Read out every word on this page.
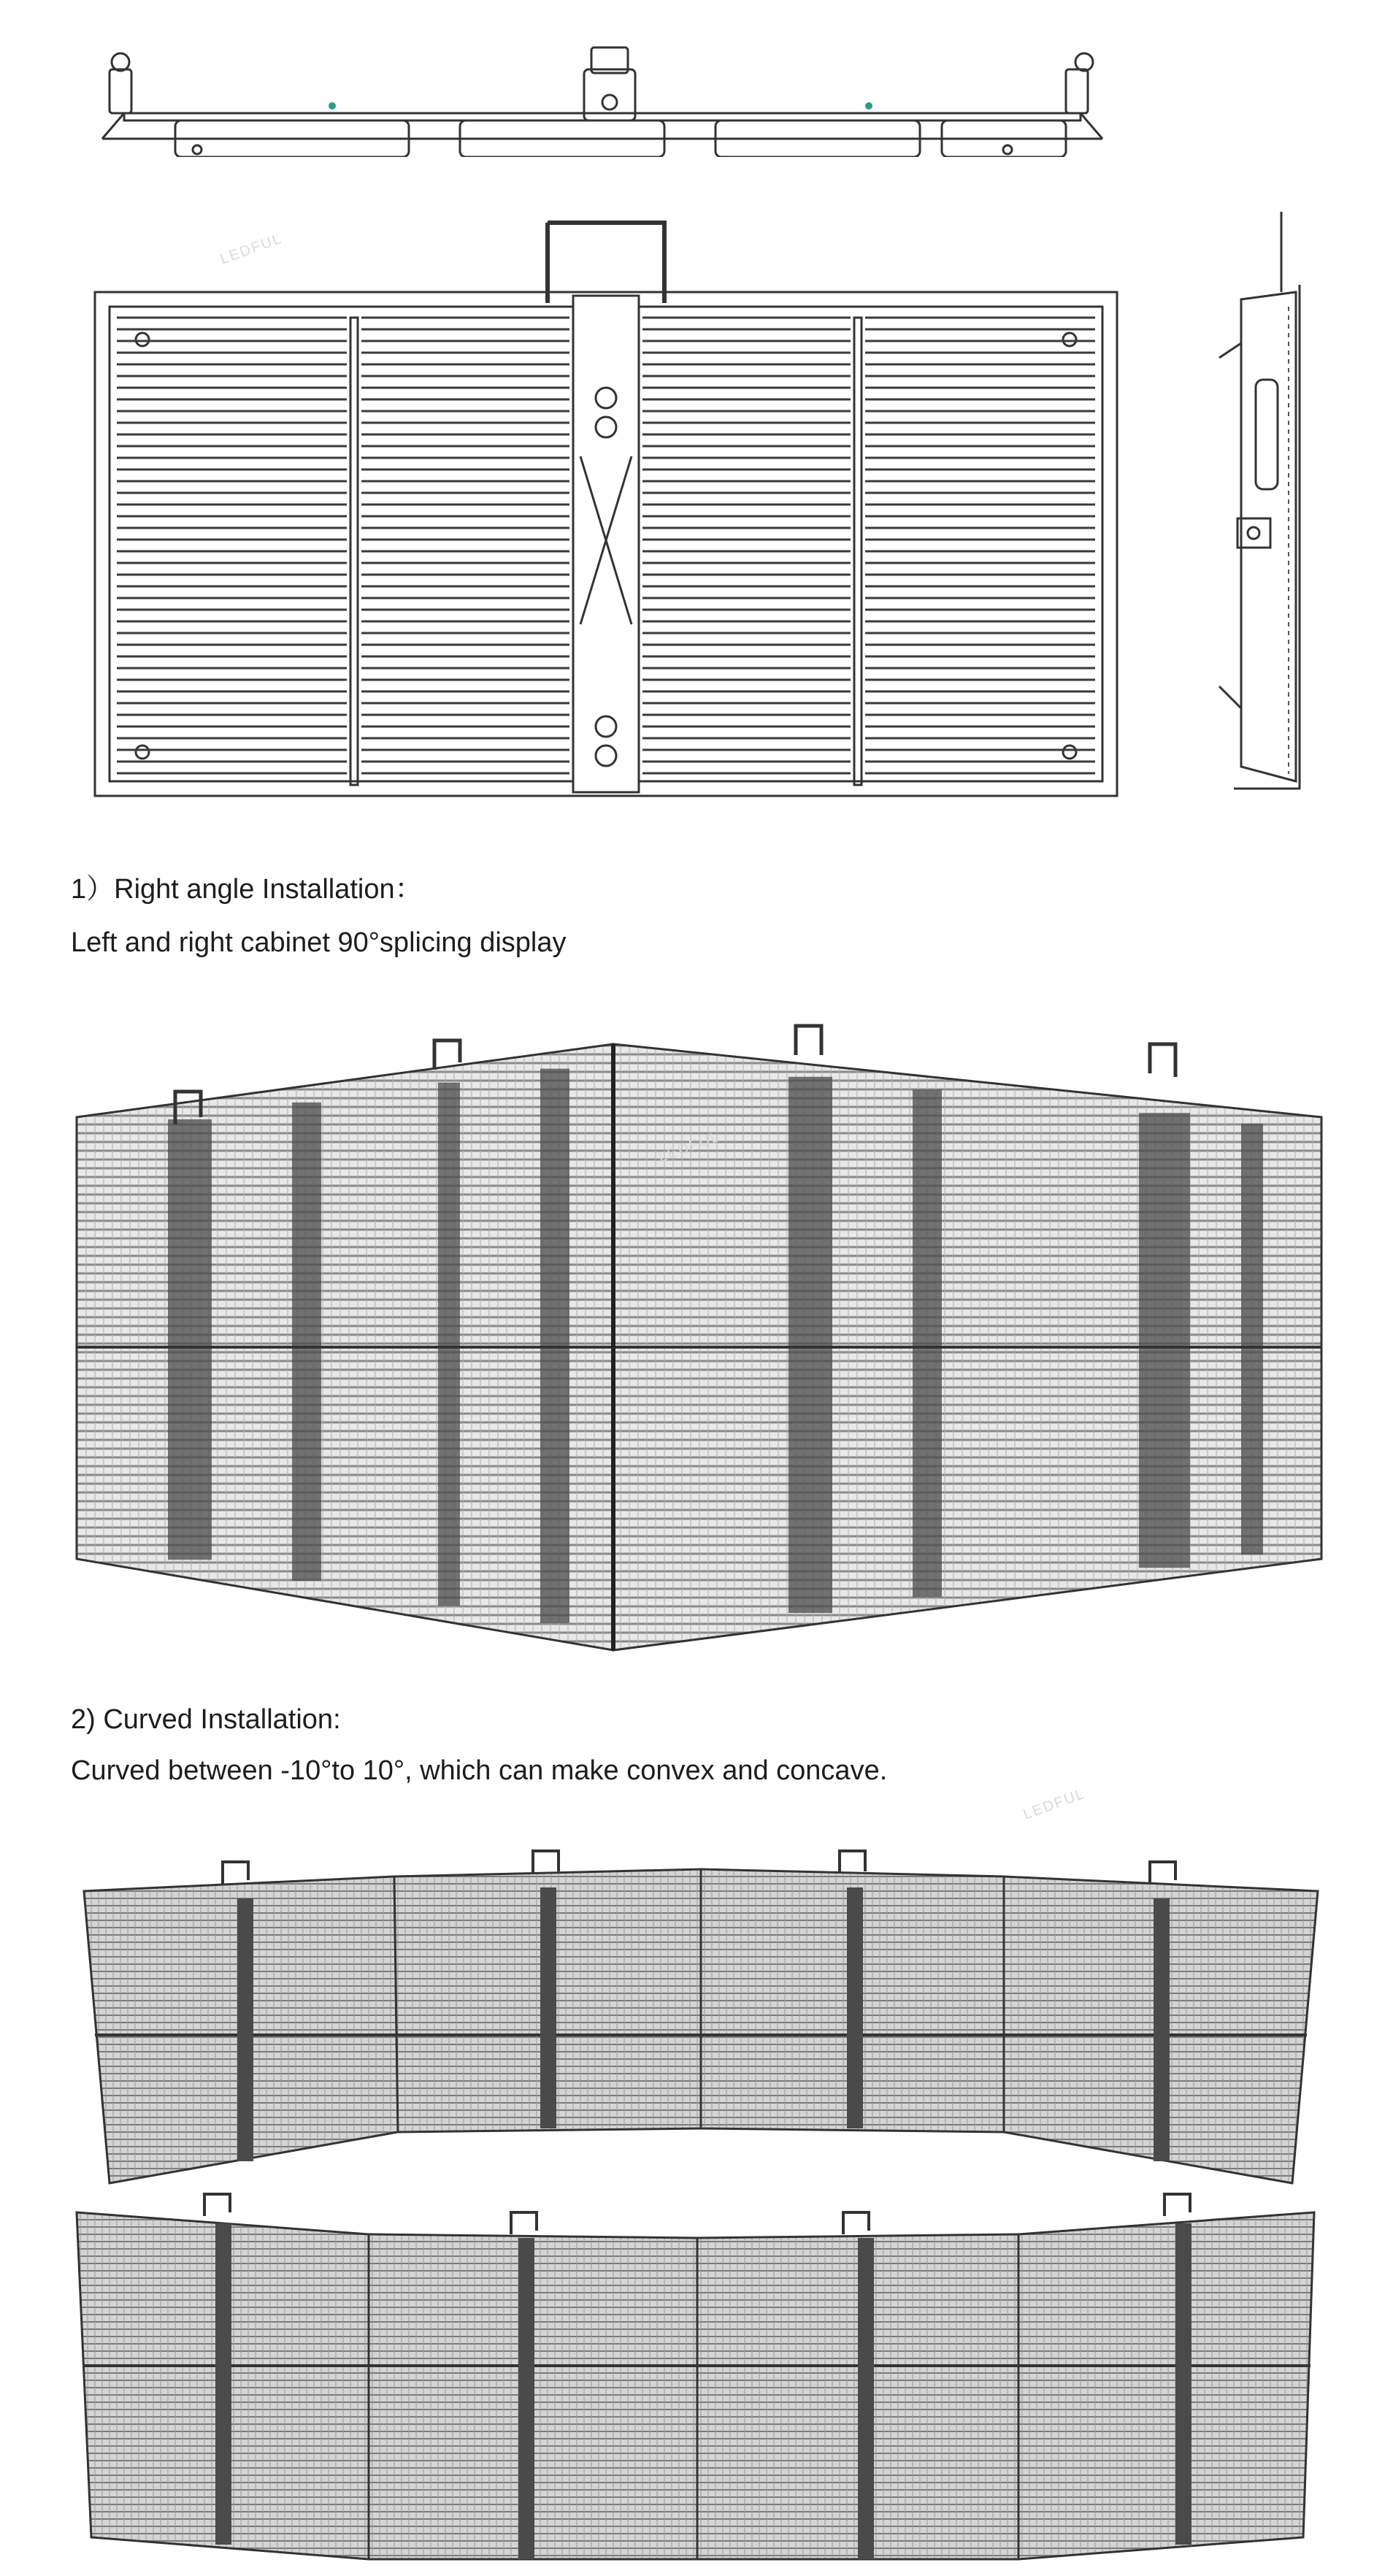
1）Right angle Installation：
Left and right cabinet 90°splicing display
2) Curved Installation:
Curved between -10°to 10°, which can make convex and concave.
LEDFUL
LEDFUL
LEDFUL
